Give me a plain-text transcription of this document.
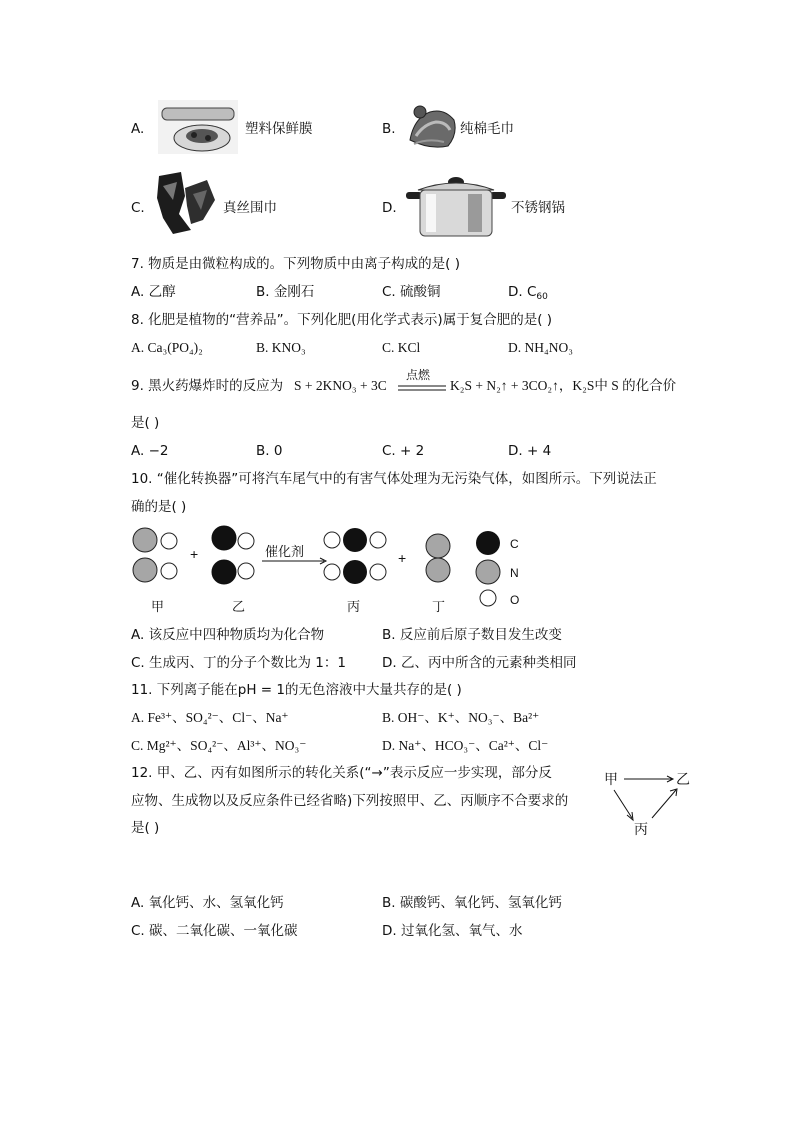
A.	塑料保鲜膜	B.	纯棉毛巾
C.	真丝围巾	D.	不锈钢锅
7. 物质是由微粒构成的。下列物质中由离子构成的是( )
A. 乙醇	B. 金刚石	C. 硫酸铜	D. $C_{60}$
8. 化肥是植物的“营养品”。下列化肥(用化学式表示)属于复合肥的是( )
A. Ca₃(PO₄)₂	B. KNO₃	C. KCl	D. NH₄NO₃
9. 黑火药爆炸时的反应为 S + 2KNO₃ + 3C
点燃
K₂S + N₂↑ + 3CO₂↑，K₂S中 S 的化合价
是( )
A. −2	B. 0	C. + 2	D. + 4
10. “催化转换器”可将汽车尾气中的有害气体处理为无污染气体，如图所示。下列说法正
确的是( )
+	催化剂	+
C
N
O
甲	乙	丙	丁
A. 该反应中四种物质均为化合物	B. 反应前后原子数目发生改变
C. 生成丙、丁的分子个数比为 1：1	D. 乙、丙中所含的元素种类相同
11. 下列离子能在pH = 1的无色溶液中大量共存的是( )
A. Fe³⁺、SO₄²⁻、Cl⁻、Na⁺	B. OH⁻、K⁺、NO₃⁻、Ba²⁺
C. Mg²⁺、SO₄²⁻、Al³⁺、NO₃⁻	D. Na⁺、HCO₃⁻、Ca²⁺、Cl⁻
12. 甲、乙、丙有如图所示的转化关系(“→”表示反应一步实现，部分反
应物、生成物以及反应条件已经省略)下列按照甲、乙、丙顺序不合要求的
是( )
甲	乙
丙
A. 氧化钙、水、氢氧化钙	B. 碳酸钙、氧化钙、氢氧化钙
C. 碳、二氧化碳、一氧化碳	D. 过氧化氢、氧气、水
